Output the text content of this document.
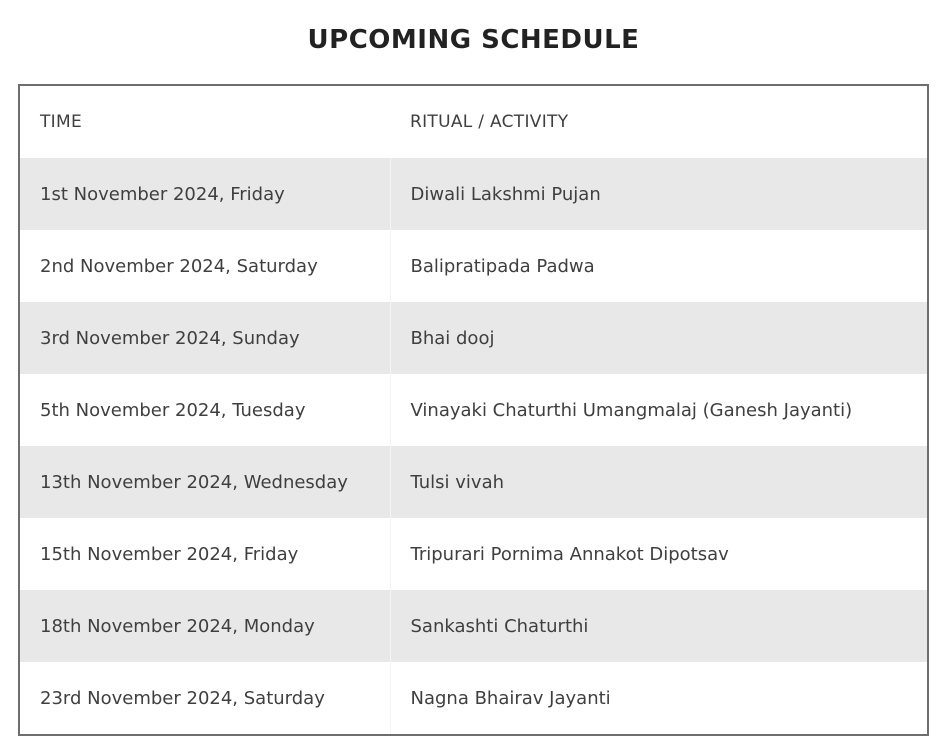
UPCOMING SCHEDULE
TIME	RITUAL / ACTIVITY
1st November 2024, Friday	Diwali Lakshmi Pujan
2nd November 2024, Saturday	Balipratipada Padwa
3rd November 2024, Sunday	Bhai dooj
5th November 2024, Tuesday	Vinayaki Chaturthi Umangmalaj (Ganesh Jayanti)
13th November 2024, Wednesday	Tulsi vivah
15th November 2024, Friday	Tripurari Pornima Annakot Dipotsav
18th November 2024, Monday	Sankashti Chaturthi
23rd November 2024, Saturday	Nagna Bhairav Jayanti
